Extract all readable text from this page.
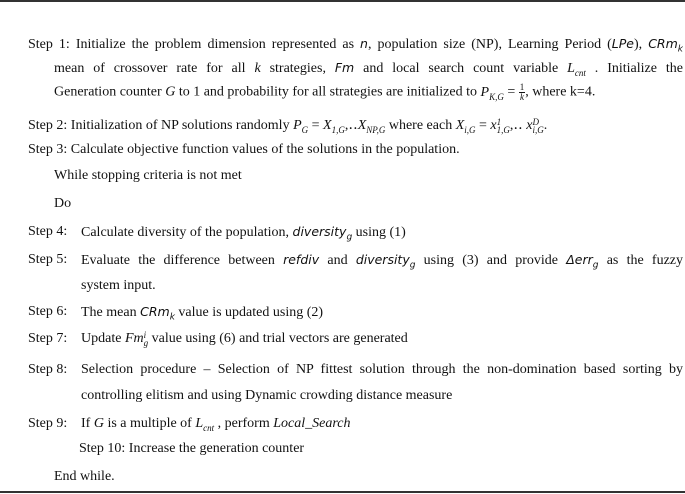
Step 1: Initialize the problem dimension represented as n, population size (NP), Learning Period (LPe), CRm$_k$
mean of crossover rate for all k strategies, Fm and local search count variable $L_{cnt}$ . Initialize the
Generation counter G to 1 and probability for all strategies are initialized to $P_{K,G} = \frac{1}{k}$ , where k=4.
Step 2: Initialization of NP solutions randomly $P_G$ = $X_{1,G},‥X_{NP,G}$ where each $X_{i,G} = x$ 1
1,G ,‥ x D
i,G .
Step 3: Calculate objective function values of the solutions in the population.
While stopping criteria is not met
Do
Step 4: Calculate diversity of the population, diversity$_g$ using (1)
Step 5: Evaluate the difference between refdiv and diversity$_g$ using (3) and provide Δerr$_g$ as the fuzzy
system input.
Step 6: The mean CRm$_k$ value is updated using (2)
Step 7: Update Fm i
g value using (6) and trial vectors are generated
Step 8: Selection procedure – Selection of NP fittest solution through the non-domination based sorting by
controlling elitism and using Dynamic crowding distance measure
Step 9: If G is a multiple of $L_{cnt}$ , perform Local_Search
Step 10: Increase the generation counter
End while.
